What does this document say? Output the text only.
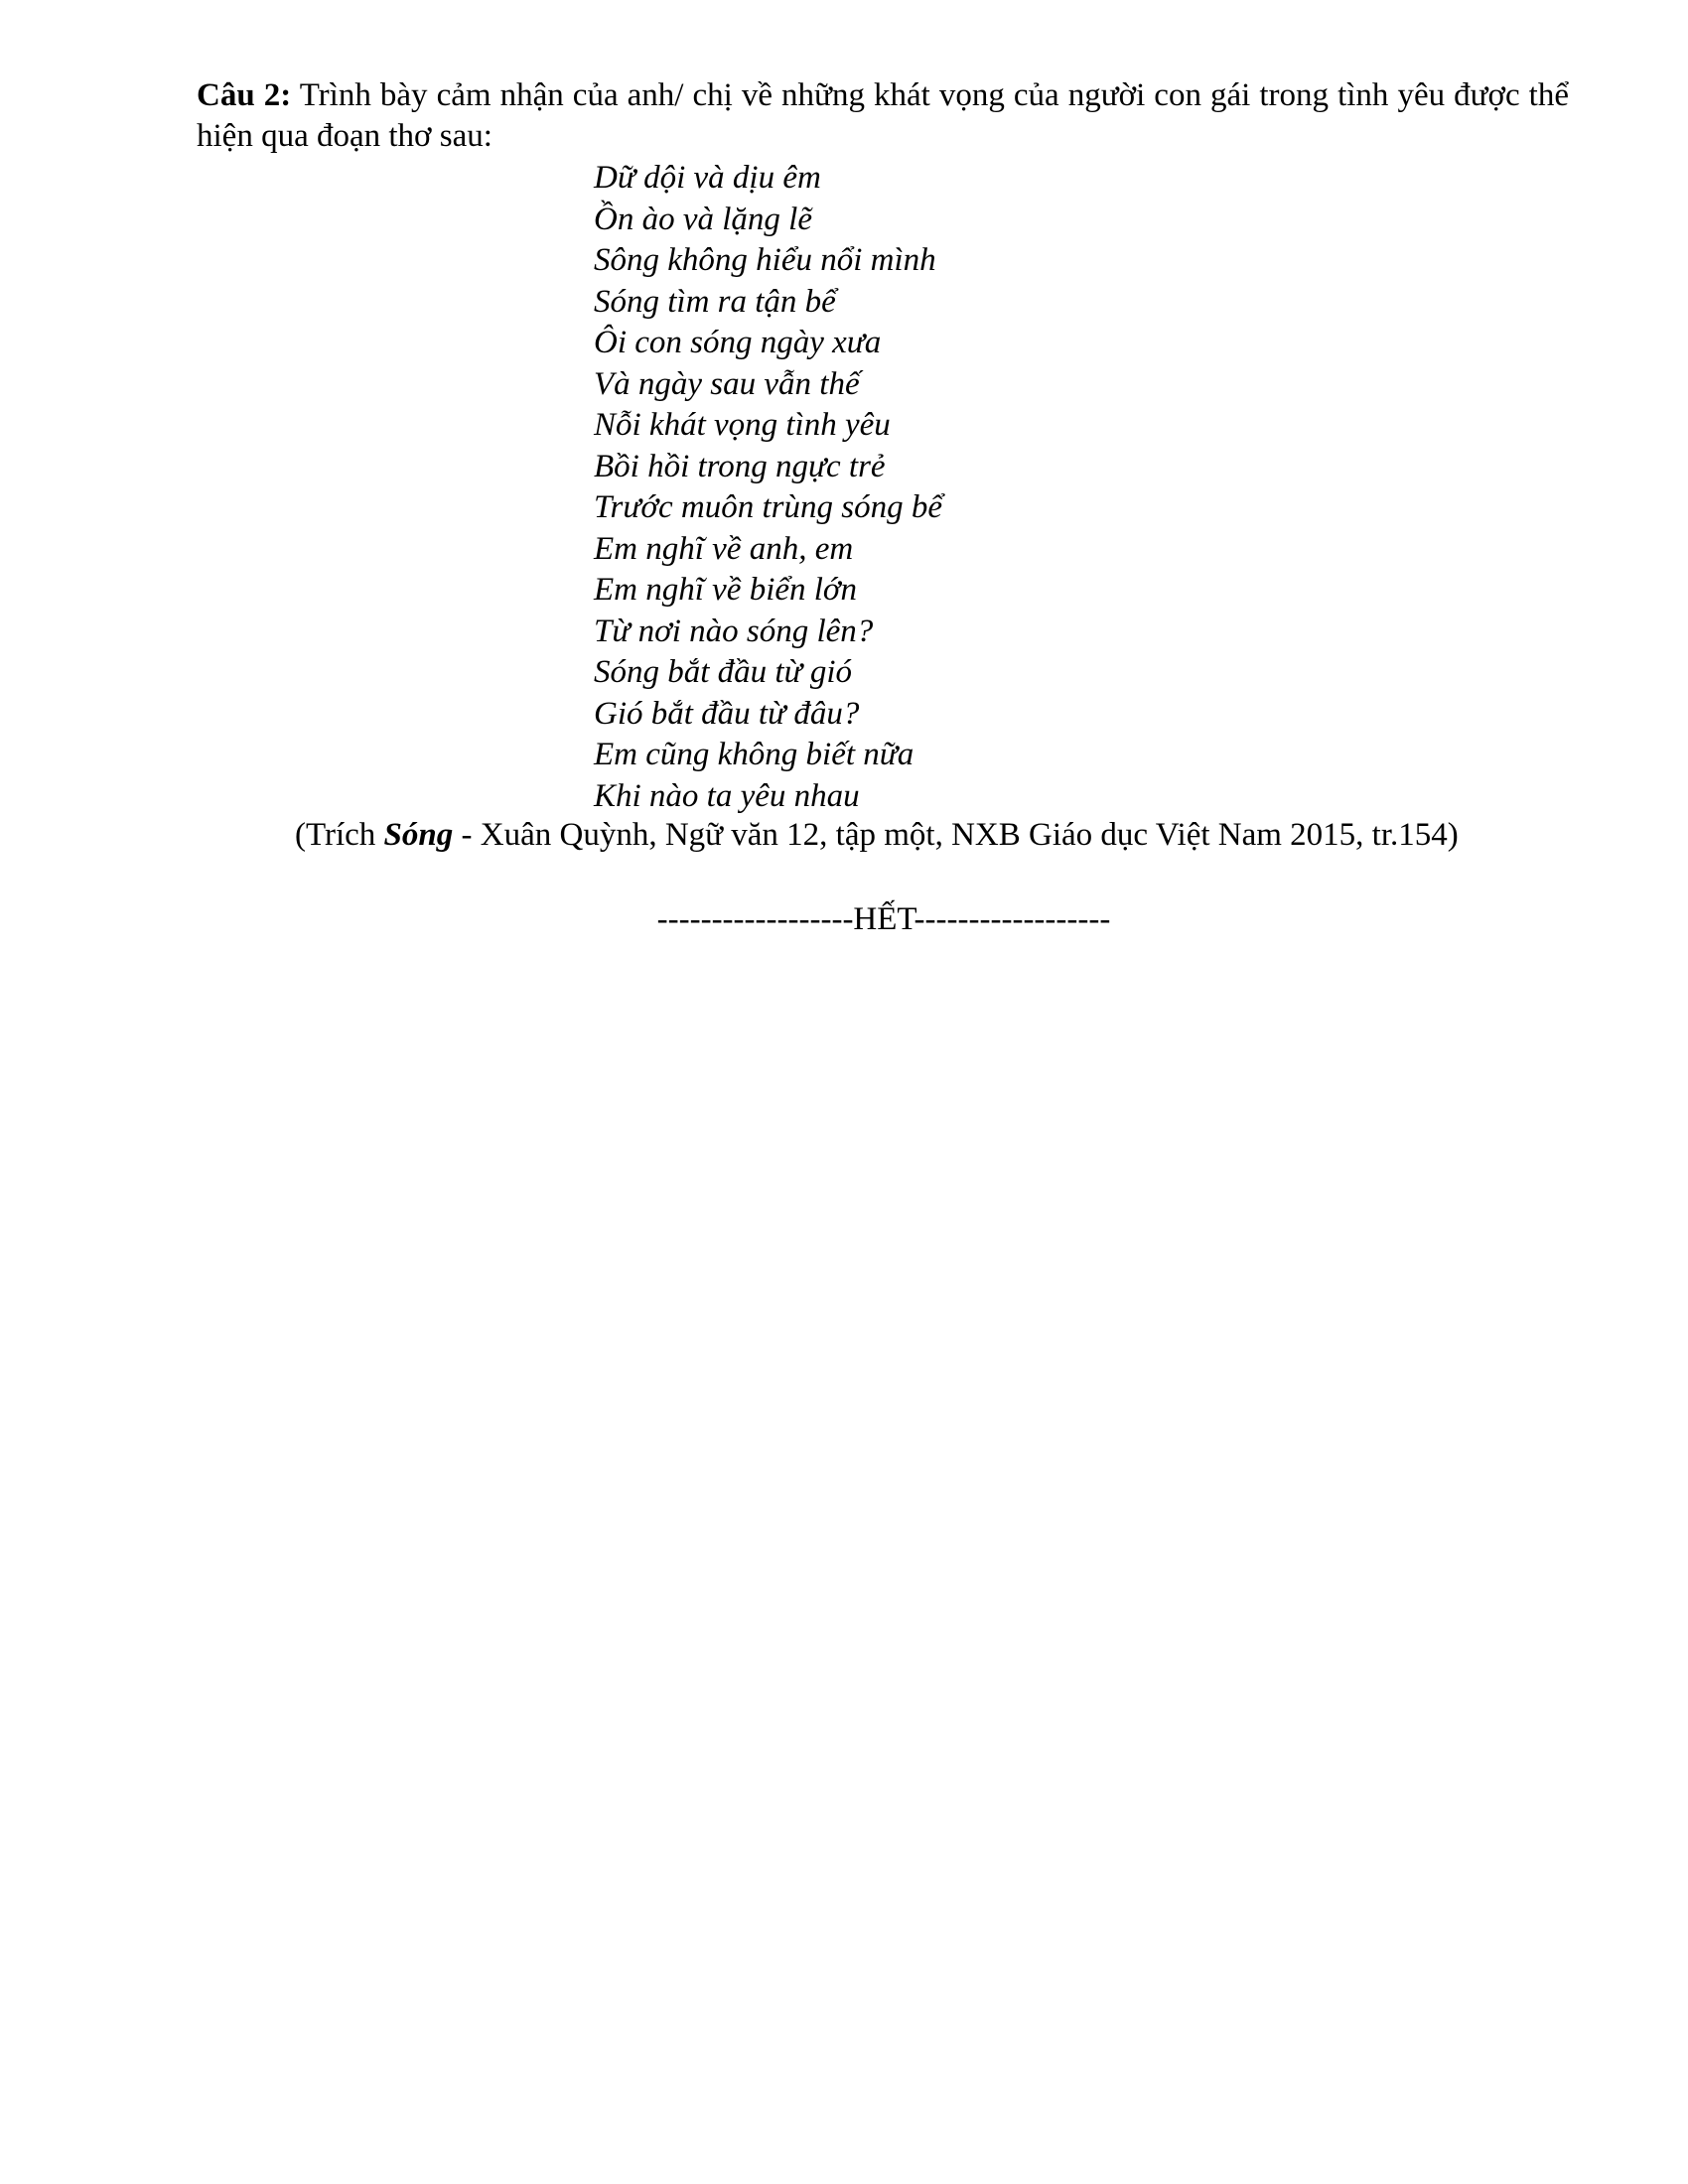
Câu 2: Trình bày cảm nhận của anh/ chị về những khát vọng của người con gái trong tình yêu được thể hiện qua đoạn thơ sau:
Dữ dội và dịu êm
Ồn ào và lặng lẽ
Sông không hiểu nổi mình
Sóng tìm ra tận bể
Ôi con sóng ngày xưa
Và ngày sau vẫn thế
Nỗi khát vọng tình yêu
Bồi hồi trong ngực trẻ
Trước muôn trùng sóng bể
Em nghĩ về anh, em
Em nghĩ về biển lớn
Từ nơi nào sóng lên?
Sóng bắt đầu từ gió
Gió bắt đầu từ đâu?
Em cũng không biết nữa
Khi nào ta yêu nhau
(Trích Sóng - Xuân Quỳnh, Ngữ văn 12, tập một, NXB Giáo dục Việt Nam 2015, tr.154)
------------------HẾT------------------
